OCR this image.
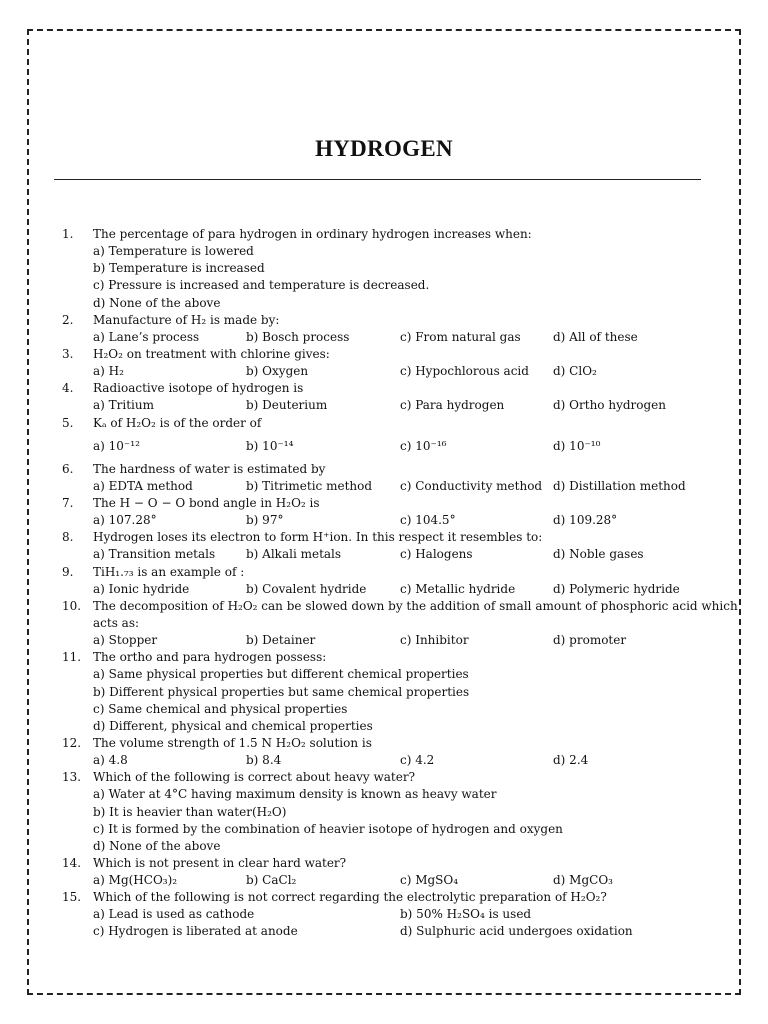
HYDROGEN
1. The percentage of para hydrogen in ordinary hydrogen increases when:
a) Temperature is lowered
b) Temperature is increased
c) Pressure is increased and temperature is decreased.
d) None of the above
2. Manufacture of H₂ is made by:
a) Lane’s process	b) Bosch process	c) From natural gas	d) All of these
3. H₂O₂ on treatment with chlorine gives:
a) H₂	b) Oxygen	c) Hypochlorous acid d) ClO₂
4. Radioactive isotope of hydrogen is
a) Tritium	b) Deuterium	c) Para hydrogen	d) Ortho hydrogen
5. Kₐ of H₂O₂ is of the order of
a) 10⁻¹²	b) 10⁻¹⁴	c) 10⁻¹⁶	d) 10⁻¹⁰
6. The hardness of water is estimated by
a) EDTA method	b) Titrimetic method c) Conductivity method d) Distillation method
7. The H − O − O bond angle in H₂O₂ is
a) 107.28°	b) 97°	c) 104.5°	d) 109.28°
8. Hydrogen loses its electron to form H⁺ion. In this respect it resembles to:
a) Transition metals	b) Alkali metals	c) Halogens	d) Noble gases
9. TiH₁.₇₃ is an example of :
a) Ionic hydride	b) Covalent hydride	c) Metallic hydride	d) Polymeric hydride
10. The decomposition of H₂O₂ can be slowed down by the addition of small amount of phosphoric acid which
acts as:
a) Stopper	b) Detainer	c) Inhibitor	d) promoter
11. The ortho and para hydrogen possess:
a) Same physical properties but different chemical properties
b) Different physical properties but same chemical properties
c) Same chemical and physical properties
d) Different, physical and chemical properties
12. The volume strength of 1.5 N H₂O₂ solution is
a) 4.8	b) 8.4	c) 4.2	d) 2.4
13. Which of the following is correct about heavy water?
a) Water at 4°C having maximum density is known as heavy water
b) It is heavier than water(H₂O)
c) It is formed by the combination of heavier isotope of hydrogen and oxygen
d) None of the above
14. Which is not present in clear hard water?
a) Mg(HCO₃)₂	b) CaCl₂	c) MgSO₄	d) MgCO₃
15. Which of the following is not correct regarding the electrolytic preparation of H₂O₂?
a) Lead is used as cathode	b) 50% H₂SO₄ is used
c) Hydrogen is liberated at anode	d) Sulphuric acid undergoes oxidation
